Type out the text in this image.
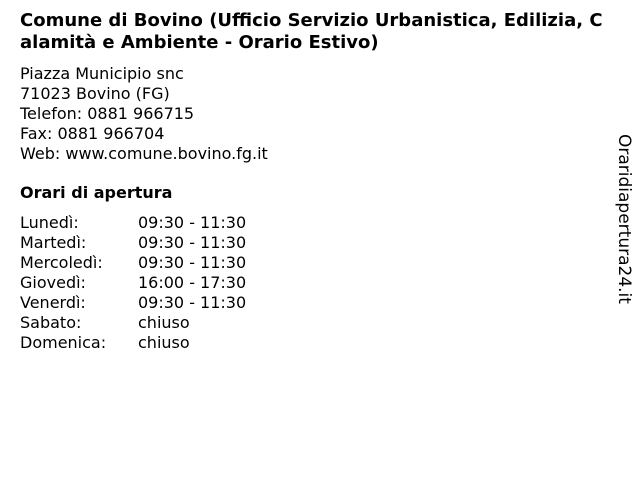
Comune di Bovino (Ufficio Servizio Urbanistica, Edilizia, Calamità e Ambiente - Orario Estivo)
Piazza Municipio snc
71023 Bovino (FG)
Telefon: 0881 966715
Fax: 0881 966704
Web: www.comune.bovino.fg.it
Orari di apertura
Lunedì:	09:30 - 11:30
Martedì:	09:30 - 11:30
Mercoledì:	09:30 - 11:30
Giovedì:	16:00 - 17:30
Venerdì:	09:30 - 11:30
Sabato:	chiuso
Domenica:	chiuso
Oraridiapertura24.it
